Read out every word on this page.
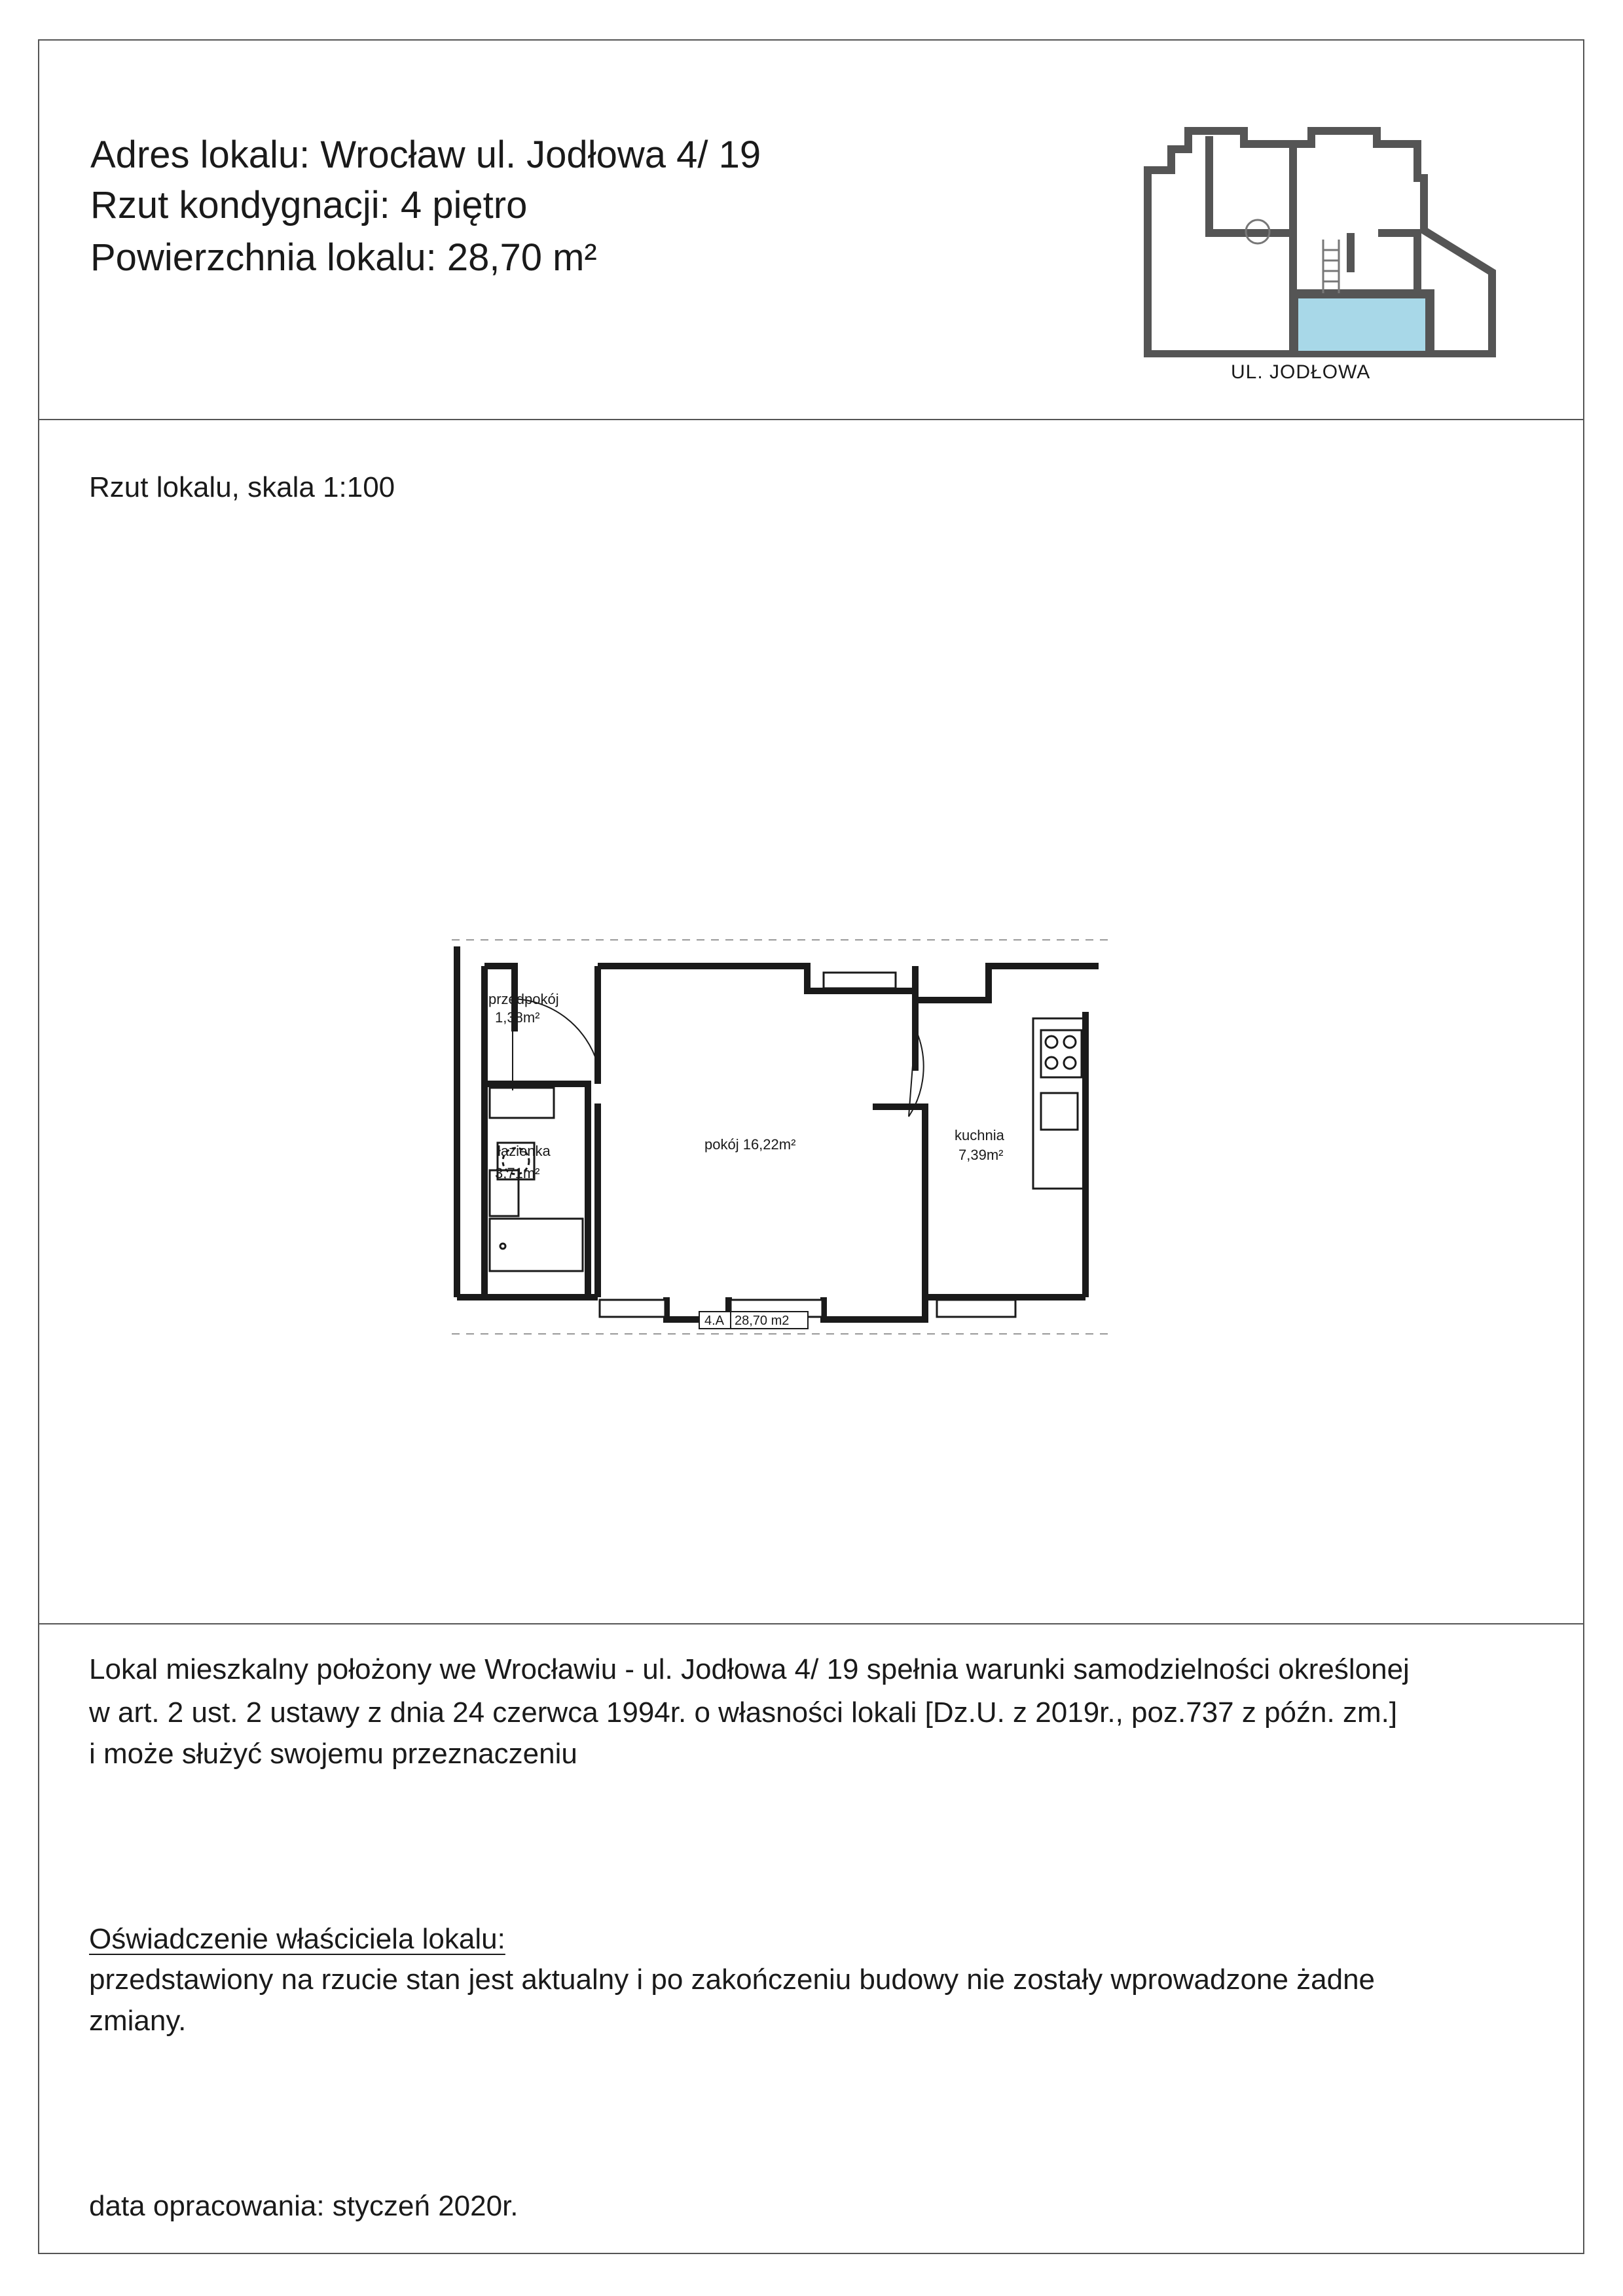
Adres lokalu: Wrocław ul. Jodłowa 4/ 19
Rzut kondygnacji: 4 piętro
Powierzchnia lokalu: 28,70 m²
UL. JODŁOWA
Rzut lokalu, skala 1:100
przedpokój
1,38m²
łazienka
3,71m²
pokój 16,22m²
kuchnia
7,39m²
4.A 28,70 m2
Lokal mieszkalny położony we Wrocławiu - ul. Jodłowa 4/ 19 spełnia warunki samodzielności określonej
w art. 2 ust. 2 ustawy z dnia 24 czerwca 1994r. o własności lokali [Dz.U. z 2019r., poz.737 z późn. zm.]
i może służyć swojemu przeznaczeniu
Oświadczenie właściciela lokalu:
przedstawiony na rzucie stan jest aktualny i po zakończeniu budowy nie zostały wprowadzone żadne
zmiany.
data opracowania: styczeń 2020r.
